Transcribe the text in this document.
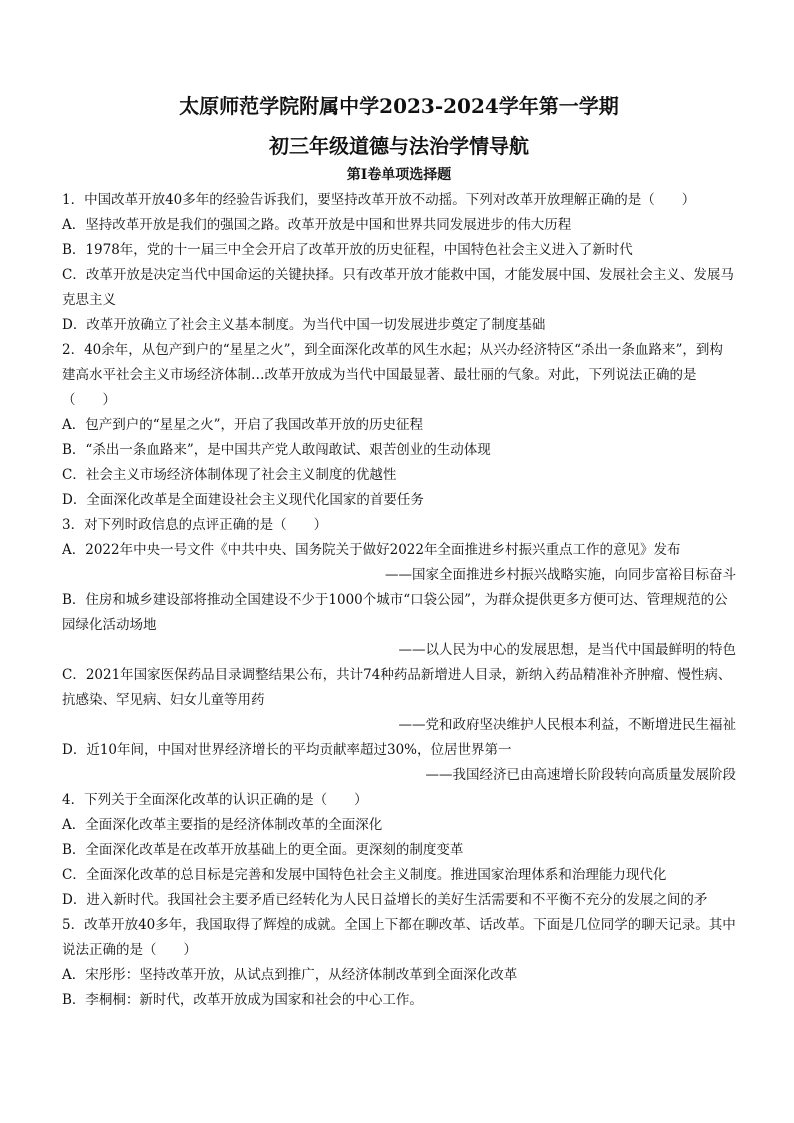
太原师范学院附属中学2023-2024学年第一学期
初三年级道德与法治学情导航
第I卷单项选择题
1．中国改革开放40多年的经验告诉我们，要坚持改革开放不动摇。下列对改革开放理解正确的是（　　）
A．坚持改革开放是我们的强国之路。改革开放是中国和世界共同发展进步的伟大历程
B．1978年，党的十一届三中全会开启了改革开放的历史征程，中国特色社会主义进入了新时代
C．改革开放是决定当代中国命运的关键抉择。只有改革开放才能救中国，才能发展中国、发展社会主义、发展马克思主义
D．改革开放确立了社会主义基本制度。为当代中国一切发展进步奠定了制度基础
2．40余年，从包产到户的“星星之火”，到全面深化改革的风生水起；从兴办经济特区“杀出一条血路来”，到构建高水平社会主义市场经济体制…改革开放成为当代中国最显著、最壮丽的气象。对此，下列说法正确的是（　　）
A．包产到户的“星星之火”，开启了我国改革开放的历史征程
B．“杀出一条血路来”，是中国共产党人敢闯敢试、艰苦创业的生动体现
C．社会主义市场经济体制体现了社会主义制度的优越性
D．全面深化改革是全面建设社会主义现代化国家的首要任务
3．对下列时政信息的点评正确的是（　　）
A．2022年中央一号文件《中共中央、国务院关于做好2022年全面推进乡村振兴重点工作的意见》发布
——国家全面推进乡村振兴战略实施，向同步富裕目标奋斗
B．住房和城乡建设部将推动全国建设不少于1000个城市“口袋公园”，为群众提供更多方便可达、管理规范的公园绿化活动场地
——以人民为中心的发展思想，是当代中国最鲜明的特色
C．2021年国家医保药品目录调整结果公布，共计74种药品新增进人目录，新纳入药品精准补齐肿瘤、慢性病、抗感染、罕见病、妇女儿童等用药
——党和政府坚决维护人民根本利益，不断增进民生福祉
D．近10年间，中国对世界经济增长的平均贡献率超过30%，位居世界第一
——我国经济已由高速增长阶段转向高质量发展阶段
4．下列关于全面深化改革的认识正确的是（　　）
A．全面深化改革主要指的是经济体制改革的全面深化
B．全面深化改革是在改革开放基础上的更全面。更深刻的制度变革
C．全面深化改革的总目标是完善和发展中国特色社会主义制度。推进国家治理体系和治理能力现代化
D．进入新时代。我国社会主要矛盾已经转化为人民日益增长的美好生活需要和不平衡不充分的发展之间的矛
5．改革开放40多年，我国取得了辉煌的成就。全国上下都在聊改革、话改革。下面是几位同学的聊天记录。其中说法正确的是（　　）
A．宋彤彤：坚持改革开放，从试点到推广，从经济体制改革到全面深化改革
B．李桐桐：新时代，改革开放成为国家和社会的中心工作。
